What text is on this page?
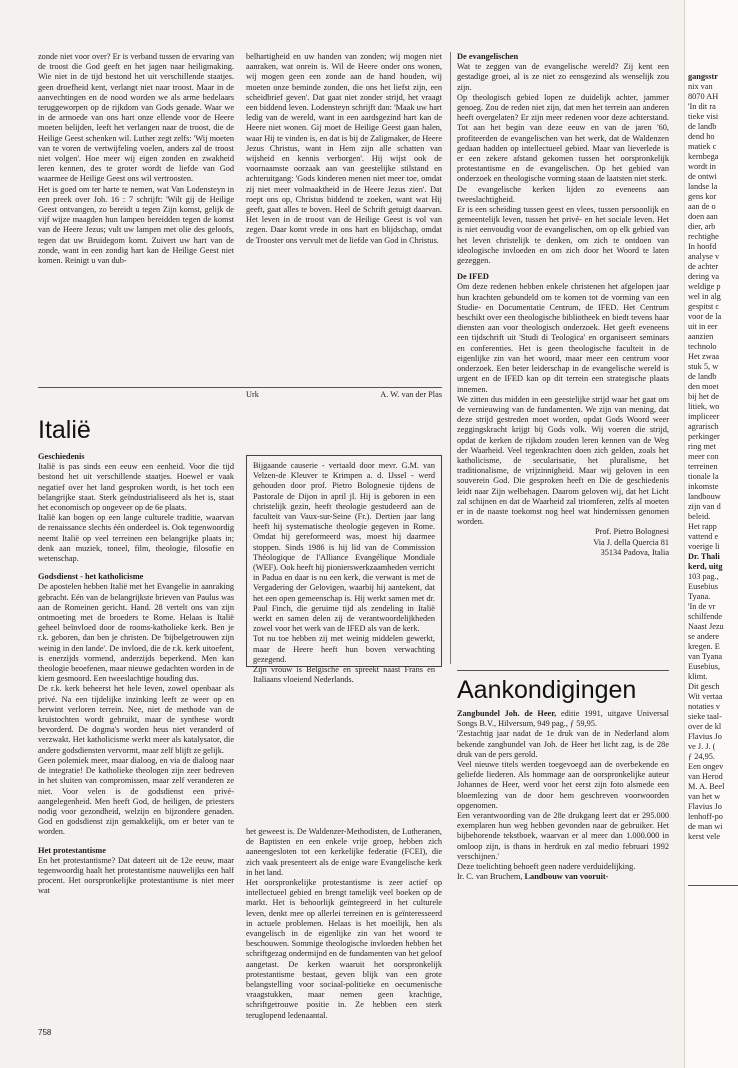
zonde niet voor over? Er is verband tussen de ervaring van de troost die God geeft en het jagen naar heiligmaking. Wie niet in de tijd bestond het uit verschillende staatjes. geen droefheid kent, verlangt niet naar troost. Maar in de aanvechtingen en de nood worden we als arme bedelaars teruggeworpen op de rijkdom van Gods genade. Waar we in de armoede van ons hart onze ellende voor de Heere moeten belijden, leeft het verlangen naar de troost, die de Heilige Geest schenken wil. Luther zegt zelfs: 'Wij moeten van te voren de vertwijfeling voelen, anders zal de troost niet volgen'. Hoe meer wij eigen zonden en zwakheid leren kennen, des te groter wordt de liefde van God waarmee de Heilige Geest ons wil vertroosten.

Het is goed om ter harte te nemen, wat Van Lodensteyn in een preek over Joh. 16 : 7 schrijft: 'Wilt gij de Heilige Geest ontvangen, zo bereidt u tegen Zijn komst, gelijk de vijf wijze maagden hun lampen bereidden tegen de komst van de Heere Jezus; vult uw lampen met olie des geloofs, tegen dat uw Bruidegom komt. Zuivert uw hart van de zonde, want in een zondig hart kan de Heilige Geest niet komen. Reinigt u van dub-

belhartigheid en uw handen van zonden; wij mogen niet aanraken, wat onrein is. Wil de Heere onder ons wonen, wij mogen geen een zonde aan de hand houden, wij moeten onze beminde zonden, die ons het liefst zijn, een scheidbrief geven'. Dat gaat niet zonder strijd, het vraagt een biddend leven. Lodensteyn schrijft dan: 'Maak uw hart ledig van de wereld, want in een aardsgezind hart kan de Heere niet wonen. Gij moet de Heilige Geest gaan halen, waar Hij te vinden is, en dat is bij de Zaligmaker, de Heere Jezus Christus, want in Hem zijn alle schatten van wijsheid en kennis verborgen'. Hij wijst ook de voornaamste oorzaak aan van geestelijke stilstand en achteruitgang: 'Gods kinderen menen niet meer toe, omdat zij niet meer volmaaktheid in de Heere Jezus zien'. Dat roept ons op, Christus biddend te zoeken, want wat Hij geeft, gaat alles te boven. Heel de Schrift getuigt daarvan. Het leven in de troost van de Heilige Geest is vol van zegen. Daar komt vrede in ons hart en blijdschap, omdat de Trooster ons vervult met de liefde van God in Christus.

Urk	A. W. van der Plas

De evangelischen

Wat te zeggen van de evangelische wereld? Zij kent een gestadige groei, al is ze niet zo eensgezind als wenselijk zou zijn.

Op theologisch gebied lopen ze duidelijk achter, jammer genoeg. Zou de reden niet zijn, dat men het terrein aan anderen heeft overgelaten? Er zijn meer redenen voor deze achterstand. Tot aan het begin van deze eeuw en van de jaren '60, profiteerden de evangelischen van het werk, dat de Waldenzen gedaan hadden op intellectueel gebied. Maar van lieverlede is er een zekere afstand gekomen tussen het oorspronkelijk protestantisme en de evangelischen. Op het gebied van onderzoek en theologische vorming staan de laatsten niet sterk.

De evangelische kerken lijden zo eveneens aan tweeslachtigheid.

Er is een scheiding tussen geest en vlees, tussen persoonlijk en gemeentelijk leven, tussen het privé- en het sociale leven. Het is niet eenvoudig voor de evangelischen, om op elk gebied van het leven christelijk te denken, om zich te ontdoen van ideologische invloeden en om zich door het Woord te laten gezeggen.

De IFED

Om deze redenen hebben enkele christenen het afgelopen jaar hun krachten gebundeld om te komen tot de vorming van een Studie- en Documentatie Centrum, de IFED. Het Centrum beschikt over een theologische bibliotheek en biedt tevens haar diensten aan voor theologisch onderzoek. Het geeft eveneens een tijdschrift uit 'Studi di Teologica' en organiseert seminars en conferenties. Het is geen theologische faculteit in de eigenlijke zin van het woord, maar meer een centrum voor onderzoek. Een beter leiderschap in de evangelische wereld is urgent en de IFED kan op dit terrein een strategische plaats innemen.

We zitten dus midden in een geestelijke strijd waar het gaat om de vernieuwing van de fundamenten. We zijn van mening, dat deze strijd gestreden moet worden, opdat Gods Woord weer zeggingskracht krijgt bij Gods volk. Wij voeren die strijd, opdat de kerken de rijkdom zouden leren kennen van de Weg der Waarheid. Veel tegenkrachten doen zich gelden, zoals het katholicisme, de secularisatie, het pluralisme, het traditionalisme, de vrijzinnigheid. Maar wij geloven in een souverein God. Die gesproken heeft en Die de geschiedenis leidt naar Zijn welbehagen. Daarom geloven wij, dat het Licht zal schijnen en dat de Waarheid zal triomferen, zelfs al moeten er in de naaste toekomst nog heel wat hindernissen genomen worden.

Prof. Pietro Bolognesi

Via J. della Quercia 81

35134 Padova, Italia

Italië

Geschiedenis

Italië is pas sinds een eeuw een eenheid. Voor die tijd bestond het uit verschillende staatjes. Hoewel er vaak negatief over het land gesproken wordt, is het toch een belangrijke staat. Sterk geïndustrialiseerd als het is, staat het economisch op ongeveer op de 6e plaats.

Italië kan bogen op een lange culturele traditie, waarvan de renaissance slechts één onderdeel is. Ook tegenwoordig neemt Italië op veel terreinen een belangrijke plaats in; denk aan muziek, toneel, film, theologie, filosofie en wetenschap.

Godsdienst - het katholicisme

De apostelen hebben Italië met het Evangelie in aanraking gebracht. Eén van de belangrijkste brieven van Paulus was aan de Romeinen gericht. Hand. 28 vertelt ons van zijn ontmoeting met de broeders te Rome. Helaas is Italië geheel beïnvloed door de rooms-katholieke kerk. Ben je r.k. geboren, dan ben je christen. De 'bijbelgetrouwen zijn weinig in den lande'. De invloed, die de r.k. kerk uitoefent, is enerzijds vormend, anderzijds beperkend. Men kan theologie beoefenen, maar nieuwe gedachten worden in de kiem gesmoord. Een tweeslachtige houding dus.

De r.k. kerk beheerst het hele leven, zowel openbaar als privé. Na een tijdelijke inzinking leeft ze weer op en herwint verloren terrein. Nee, niet de methode van de kruistochten wordt gebruikt, maar de synthese wordt bevorderd. De dogma's worden heus niet veranderd of verzwakt. Het katholicisme werkt meer als katalysator, die andere godsdiensten vervormt, maar zelf blijft ze gelijk.

Geen polemiek meer, maar dialoog, en via de dialoog naar de integratie! De katholieke theologen zijn zeer bedreven in het sluiten van compromissen, maar zelf veranderen ze niet. Voor velen is de godsdienst een privé-aangelegenheid. Men heeft God, de heiligen, de priesters nodig voor gezondheid, welzijn en bijzondere genaden. God en godsdienst zijn gemakkelijk, om er beter van te worden.

Het protestantisme

En het protestantisme? Dat dateert uit de 12e eeuw, maar tegenwoordig haalt het protestantisme nauwelijks een half procent. Het oorspronkelijke protestantisme is niet meer wat

Bijgaande causerie - vertaald door mevr. G.M. van Velzen-de Kleuver te Krimpen a. d. IJssel - werd gehouden door prof. Pietro Bolognesie tijdens de Pastorale de Dijon in april jl. Hij is geboren in een christelijk gezin, heeft theologie gestudeerd aan de faculteit van Vaux-sur-Seine (Fr.). Dertien jaar lang heeft hij systematische theologie gegeven in Rome. Omdat hij gereformeerd was, moest hij daarmee stoppen. Sinds 1986 is hij lid van de Commission Théologique de l'Alliance Evangélique Mondiale (WEF). Ook heeft hij pionierswerkzaamheden verricht in Padua en daar is nu een kerk, die verwant is met de Vergadering der Gelovigen, waarbij hij aantekent, dat het een open gemeenschap is. Hij werkt samen met dr. Paul Finch, die geruime tijd als zendeling in Italië werkt en samen delen zij de verantwoordelijkheden zowel voor het werk van de IFED als van de kerk.

Tot nu toe hebben zij met weinig middelen gewerkt, maar de Heere heeft hun boven verwachting gezegend.

Zijn vrouw is Belgische en spreekt naast Frans en Italiaans vloeiend Nederlands.

het geweest is. De Waldenzer-Methodisten, de Lutheranen, de Baptisten en een enkele vrije groep, hebben zich aaneengesloten tot een kerkelijke federatie (FCEI), die zich vaak presenteert als de enige ware Evangelische kerk in het land.

Het oorspronkelijke protestantisme is zeer actief op intellectueel gebied en brengt tamelijk veel boeken op de markt. Het is behoorlijk geïntegreerd in het culturele leven, denkt mee op allerlei terreinen en is geïnteresseerd in actuele problemen. Helaas is het moeilijk, hen als evangelisch in de eigenlijke zin van het woord te beschouwen. Sommige theologische invloeden hebben het schriftgezag ondermijnd en de fundamenten van het geloof aangetast. De kerken waaruit het oorspronkelijk protestantisme bestaat, geven blijk van een grote belangstelling voor sociaal-politieke en oecumenische vraagstukken, maar nemen geen krachtige, schriftgetrouwe positie in. Ze hebben een sterk teruglopend ledenaantal.

Aankondigingen

Zangbundel Joh. de Heer, editie 1991, uitgave Universal Songs B.V., Hilversum, 949 pag., ƒ 59,95.

'Zestachtig jaar nadat de 1e druk van de in Nederland alom bekende zangbundel van Joh. de Heer het licht zag, is de 28e druk van de pers gerold.

Veel nieuwe titels werden toegevoegd aan de overbekende en geliefde liederen. Als hommage aan de oorspronkelijke auteur Johannes de Heer, werd voor het eerst zijn foto alsmede een bloemlezing van de door hem geschreven voorwoorden opgenomen.

Een verantwoording van de 28e drukgang leert dat er 295.000 exemplaren hun weg hebben gevonden naar de gebruiker. Het bijbehorende tekstboek, waarvan er al meer dan 1.000.000 in omloop zijn, is thans in herdruk en zal medio februari 1992 verschijnen.'

Deze toelichting behoeft geen nadere verduidelijking.

Ir. C. van Bruchem, Landbouw van vooruit-

758
gangsstr
nix van
8070 AH
'In dit ra
tieke visi
de landb
dend ho
matiek c
kernbega
wordt in
de ontwi
landse la
gens kor
aan de o
doen aan
dier, arb
rechtighe
In hoofd
analyse v
de achter
dering va
weldige p
wel in alg
gespitst c
voor de la
uit in eer
aanzien
technolo
Het zwaa
stuk 5, w
de landb
den moet
bij het de
litiek, wo
impliceer
agrarisch
perkinger
ring met
meer con
terreinen
tionale la
inkomste
landbouw
zijn van d
beleid.
Het rapp
vattend e
voerige li
Dr. Thali
kerd, uitg
103 pag.,
Eusebius
Tyana.
'In de vr
schilfende
Naast Jezu
se andere
kregen. E
van Tyana
Eusebius,
klimt.
Dit gesch
Wit vertaa
notaties v
sieke taal-
over de kl
Flavius Jo
ve J. J. (
ƒ 24,95.
Een ongev
van Herod
M. A. Beel
van het w
Flavius Jo
lenhoff-po
de man wi
kerst vele
